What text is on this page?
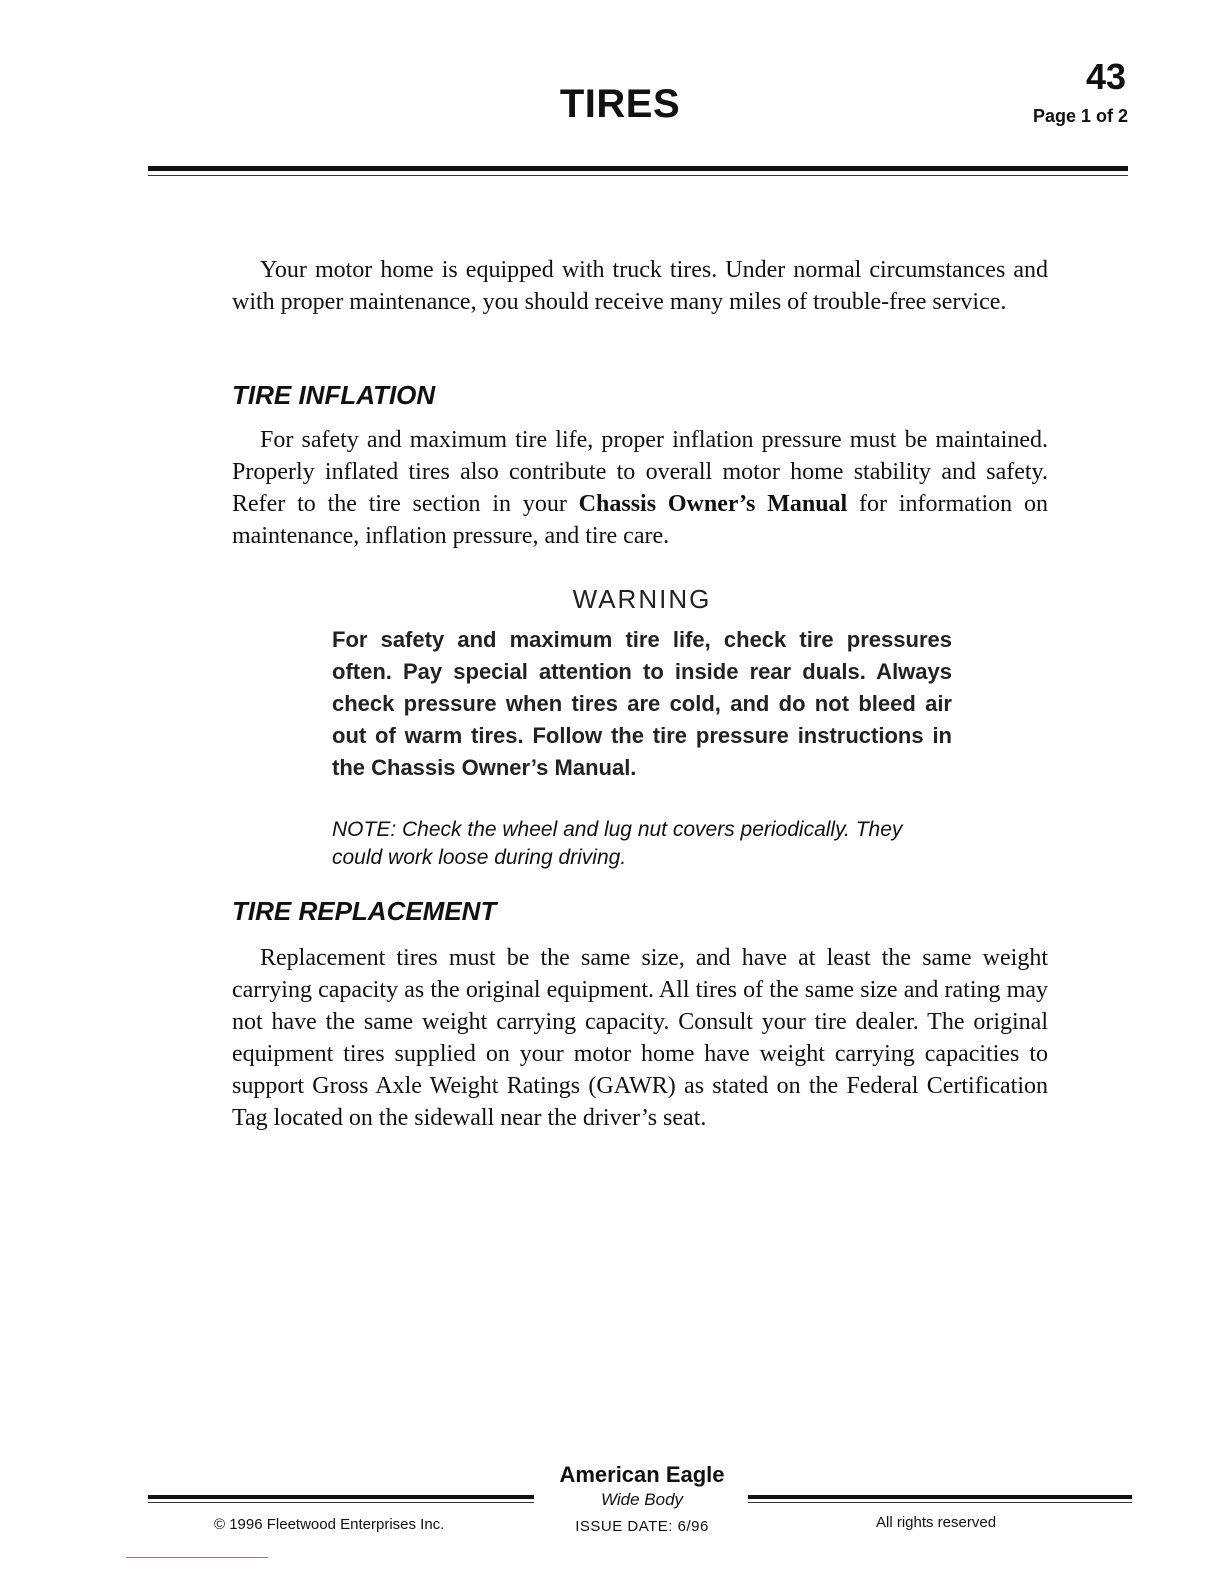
43
Page 1 of 2
TIRES

Your motor home is equipped with truck tires. Under normal circumstances and with proper maintenance, you should receive many miles of trouble-free service.

TIRE INFLATION

For safety and maximum tire life, proper inflation pressure must be maintained. Properly inflated tires also contribute to overall motor home stability and safety. Refer to the tire section in your Chassis Owner’s Manual for information on maintenance, inflation pressure, and tire care.

WARNING

For safety and maximum tire life, check tire pressures often. Pay special attention to inside rear duals. Always check pressure when tires are cold, and do not bleed air out of warm tires. Follow the tire pressure instructions in the Chassis Owner’s Manual.

NOTE: Check the wheel and lug nut covers periodically. They could work loose during driving.

TIRE REPLACEMENT

Replacement tires must be the same size, and have at least the same weight carrying capacity as the original equipment. All tires of the same size and rating may not have the same weight carrying capacity. Consult your tire dealer. The original equipment tires supplied on your motor home have weight carrying capacities to support Gross Axle Weight Ratings (GAWR) as stated on the Federal Certification Tag located on the sidewall near the driver’s seat.

American Eagle
Wide Body
ISSUE DATE: 6/96
© 1996 Fleetwood Enterprises Inc.	All rights reserved
